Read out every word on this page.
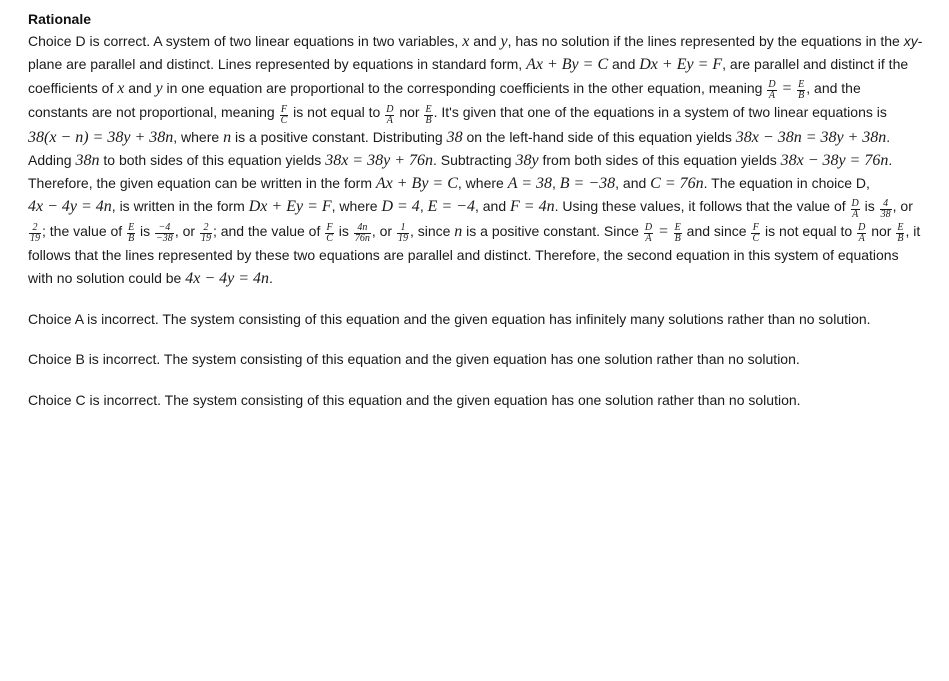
Rationale

Choice D is correct. A system of two linear equations in two variables, x and y, has no solution if the lines represented by the equations in the xy-plane are parallel and distinct. Lines represented by equations in standard form, Ax + By = C and Dx + Ey = F, are parallel and distinct if the coefficients of x and y in one equation are proportional to the corresponding coefficients in the other equation, meaning $\frac{D}{A} = \frac{E}{B}$ , and the constants are not proportional, meaning $\frac{F}{C}$ is not equal to $\frac{D}{A}$ nor $\frac{E}{B}$ . It's given that one of the equations in a system of two linear equations is 38(x − n) = 38y + 38n, where n is a positive constant. Distributing 38 on the left-hand side of this equation yields 38x − 38n = 38y + 38n. Adding 38n to both sides of this equation yields 38x = 38y + 76n. Subtracting 38y from both sides of this equation yields 38x − 38y = 76n. Therefore, the given equation can be written in the form Ax + By = C, where A = 38, B = −38, and C = 76n. The equation in choice D, 4x − 4y = 4n, is written in the form Dx + Ey = F, where D = 4, E = −4, and F = 4n. Using these values, it follows that the value of $\frac{D}{A}$ is $\frac{4}{38}$ , or
$\frac{2}{19}$ ; the value of $\frac{E}{B}$ is $\frac{-4}{-38}$ , or $\frac{2}{19}$ ; and the value of $\frac{F}{C}$ is $\frac{4n}{76n}$ , or $\frac{1}{19}$ , since n is a positive constant. Since $\frac{D}{A} = \frac{E}{B}$ and since $\frac{F}{C}$ is not equal to $\frac{D}{A}$ nor $\frac{E}{B}$ , it follows that the lines represented by these two equations are parallel and distinct. Therefore, the second equation in this system of equations with no solution could be 4x − 4y = 4n.

Choice A is incorrect. The system consisting of this equation and the given equation has infinitely many solutions rather than no solution.

Choice B is incorrect. The system consisting of this equation and the given equation has one solution rather than no solution.

Choice C is incorrect. The system consisting of this equation and the given equation has one solution rather than no solution.
